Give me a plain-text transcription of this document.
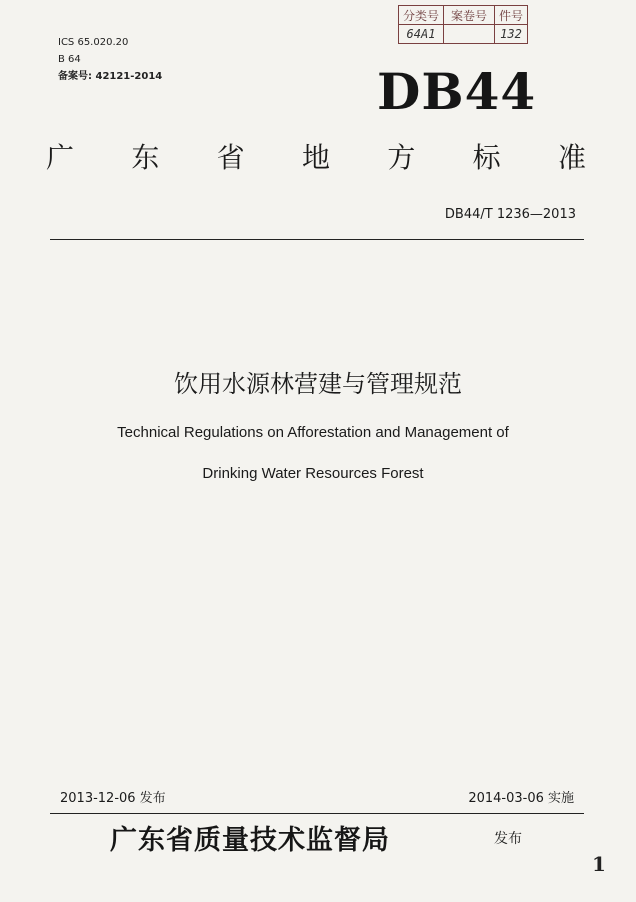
ICS 65.020.20
B 64
备案号: 42121-2014
分类号	案卷号	件号
64A1		132
DB44
广 东 省 地 方 标 准
DB44/T 1236—2013
饮用水源林营建与管理规范
Technical Regulations on Afforestation and Management of
Drinking Water Resources Forest
2013-12-06 发布	2014-03-06 实施
广东省质量技术监督局	发布
1
